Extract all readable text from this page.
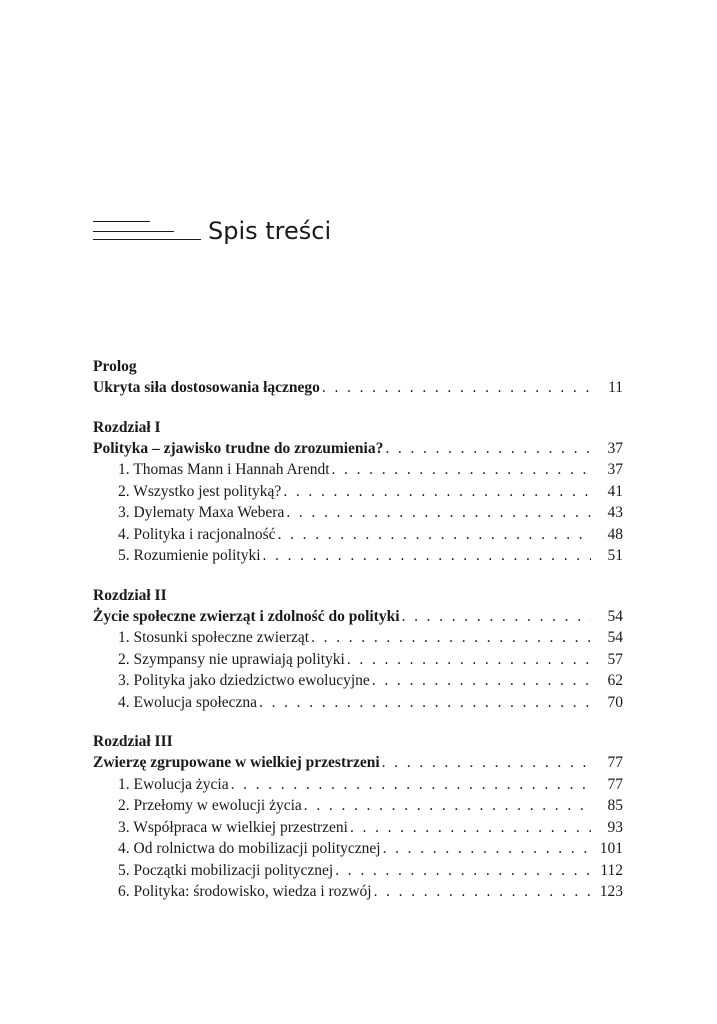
Spis treści
Prolog
Ukryta siła dostosowania łącznego . . .	11
Rozdział I
Polityka – zjawisko trudne do zrozumienia? . . .	37
1. Thomas Mann i Hannah Arendt . . .	37
2. Wszystko jest polityką? . . .	41
3. Dylematy Maxa Webera . . .	43
4. Polityka i racjonalność . . .	48
5. Rozumienie polityki . . .	51
Rozdział II
Życie społeczne zwierząt i zdolność do polityki . . .	54
1. Stosunki społeczne zwierząt . . .	54
2. Szympansy nie uprawiają polityki . . .	57
3. Polityka jako dziedzictwo ewolucyjne . . .	62
4. Ewolucja społeczna . . .	70
Rozdział III
Zwierzę zgrupowane w wielkiej przestrzeni . . .	77
1. Ewolucja życia . . .	77
2. Przełomy w ewolucji życia . . .	85
3. Współpraca w wielkiej przestrzeni . . .	93
4. Od rolnictwa do mobilizacji politycznej . . .	101
5. Początki mobilizacji politycznej . . .	112
6. Polityka: środowisko, wiedza i rozwój . . .	123
